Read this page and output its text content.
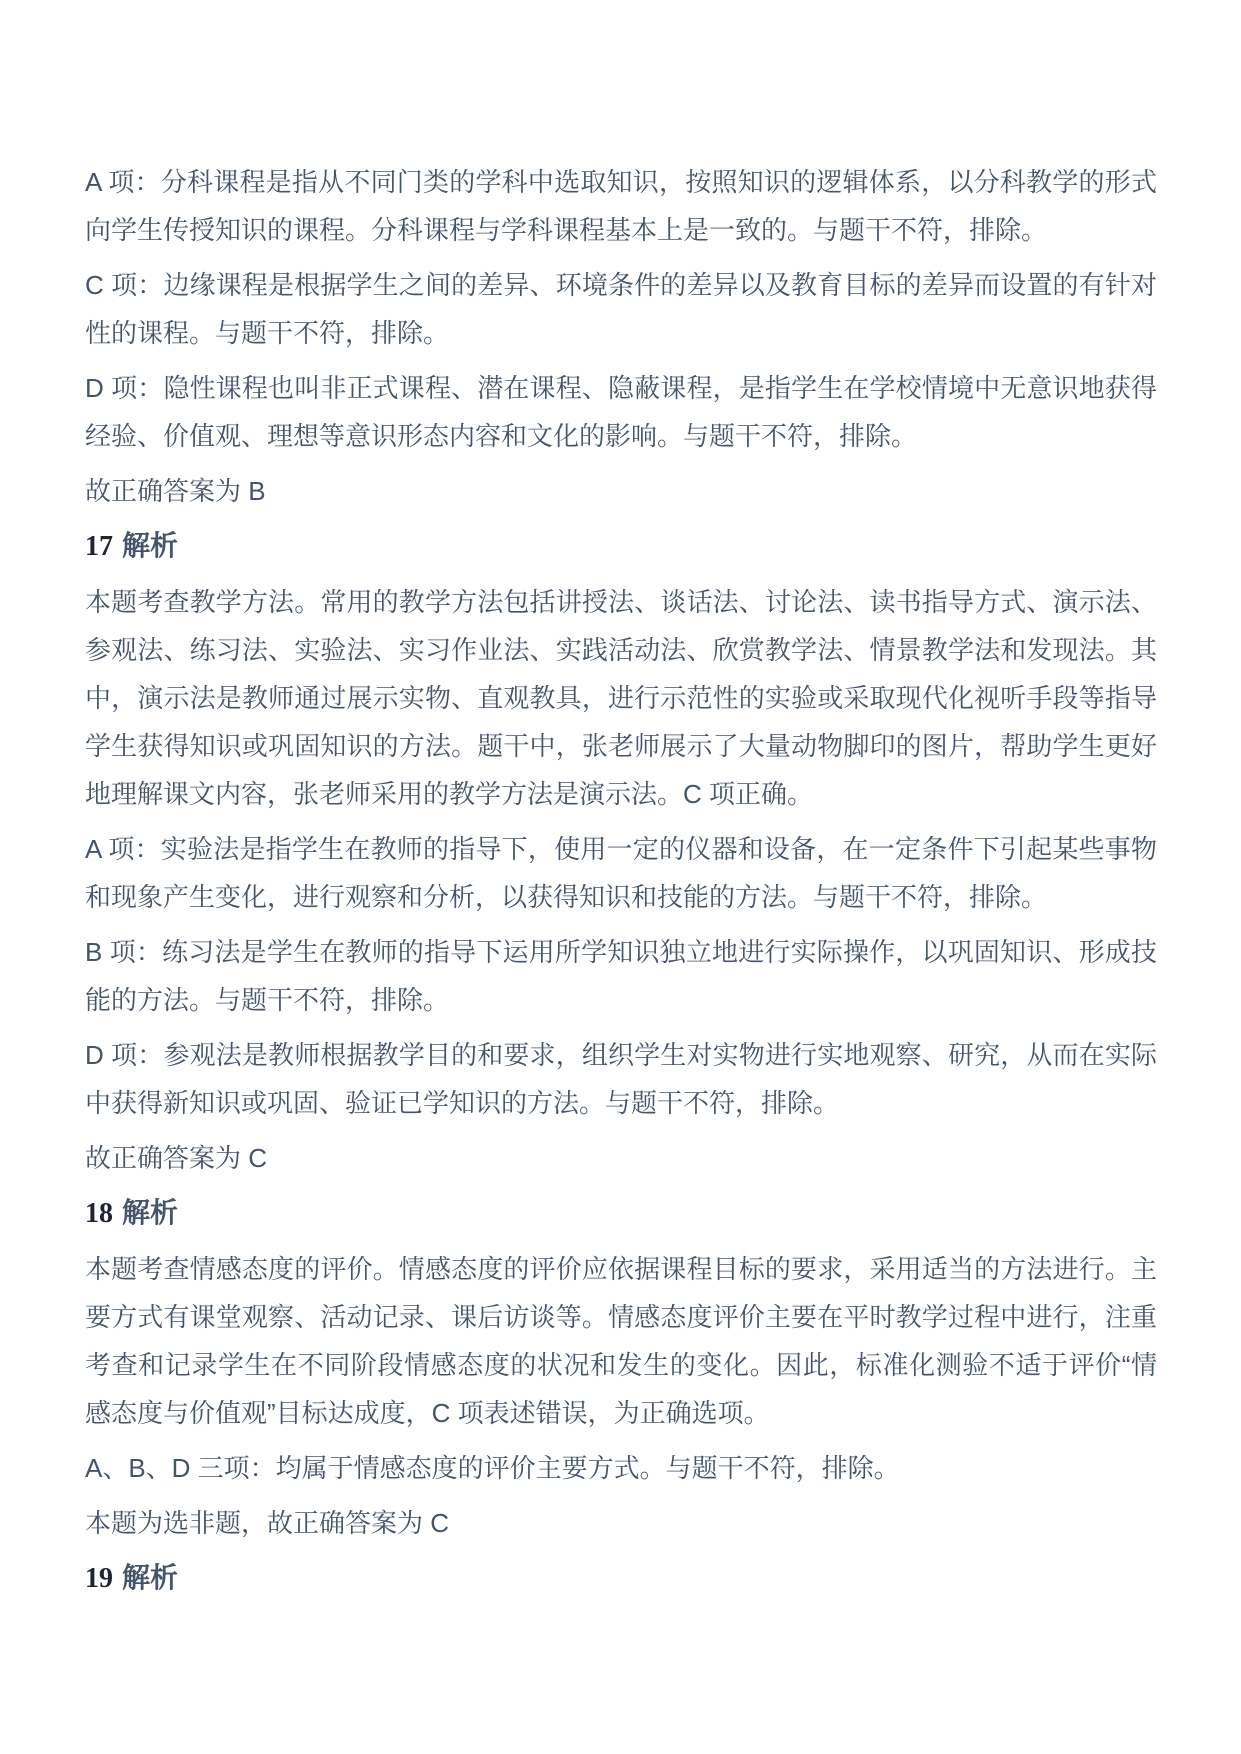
A 项：分科课程是指从不同门类的学科中选取知识，按照知识的逻辑体系，以分科教学的形式向学生传授知识的课程。分科课程与学科课程基本上是一致的。与题干不符，排除。

C 项：边缘课程是根据学生之间的差异、环境条件的差异以及教育目标的差异而设置的有针对性的课程。与题干不符，排除。

D 项：隐性课程也叫非正式课程、潜在课程、隐蔽课程，是指学生在学校情境中无意识地获得经验、价值观、理想等意识形态内容和文化的影响。与题干不符，排除。

故正确答案为 B

17 解析

本题考查教学方法。常用的教学方法包括讲授法、谈话法、讨论法、读书指导方式、演示法、参观法、练习法、实验法、实习作业法、实践活动法、欣赏教学法、情景教学法和发现法。其中，演示法是教师通过展示实物、直观教具，进行示范性的实验或采取现代化视听手段等指导学生获得知识或巩固知识的方法。题干中，张老师展示了大量动物脚印的图片，帮助学生更好地理解课文内容，张老师采用的教学方法是演示法。C 项正确。

A 项：实验法是指学生在教师的指导下，使用一定的仪器和设备，在一定条件下引起某些事物和现象产生变化，进行观察和分析，以获得知识和技能的方法。与题干不符，排除。

B 项：练习法是学生在教师的指导下运用所学知识独立地进行实际操作，以巩固知识、形成技能的方法。与题干不符，排除。

D 项：参观法是教师根据教学目的和要求，组织学生对实物进行实地观察、研究，从而在实际中获得新知识或巩固、验证已学知识的方法。与题干不符，排除。

故正确答案为 C

18 解析

本题考查情感态度的评价。情感态度的评价应依据课程目标的要求，采用适当的方法进行。主要方式有课堂观察、活动记录、课后访谈等。情感态度评价主要在平时教学过程中进行，注重考查和记录学生在不同阶段情感态度的状况和发生的变化。因此，标准化测验不适于评价“情感态度与价值观”目标达成度，C 项表述错误，为正确选项。

A、B、D 三项：均属于情感态度的评价主要方式。与题干不符，排除。

本题为选非题，故正确答案为 C

19 解析
